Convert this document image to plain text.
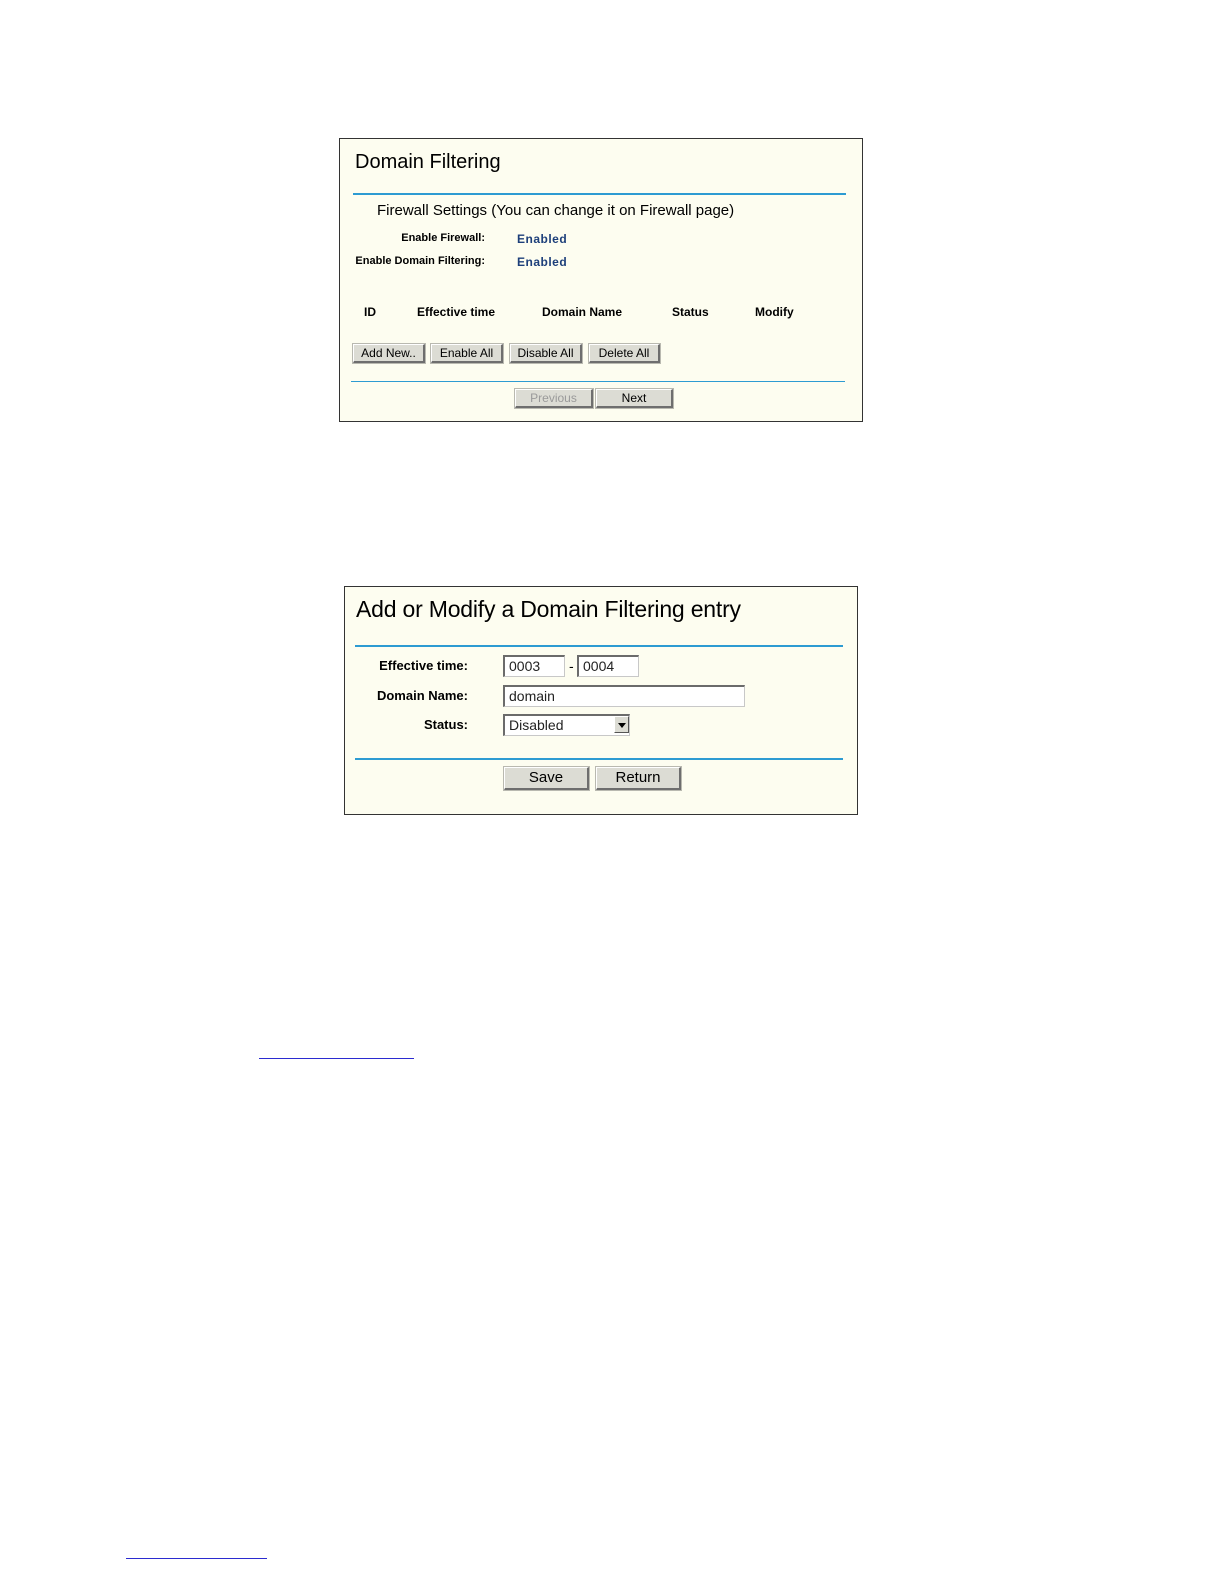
Domain Filtering
Firewall Settings (You can change it on Firewall page)
Enable Firewall:	Enabled
Enable Domain Filtering:	Enabled
ID	Effective time	Domain Name	Status	Modify
Add New..	Enable All	Disable All	Delete All
Previous	Next
Add or Modify a Domain Filtering entry
Effective time:	0003	- 0004
Domain Name:	domain
Status:	Disabled
Save	Return
